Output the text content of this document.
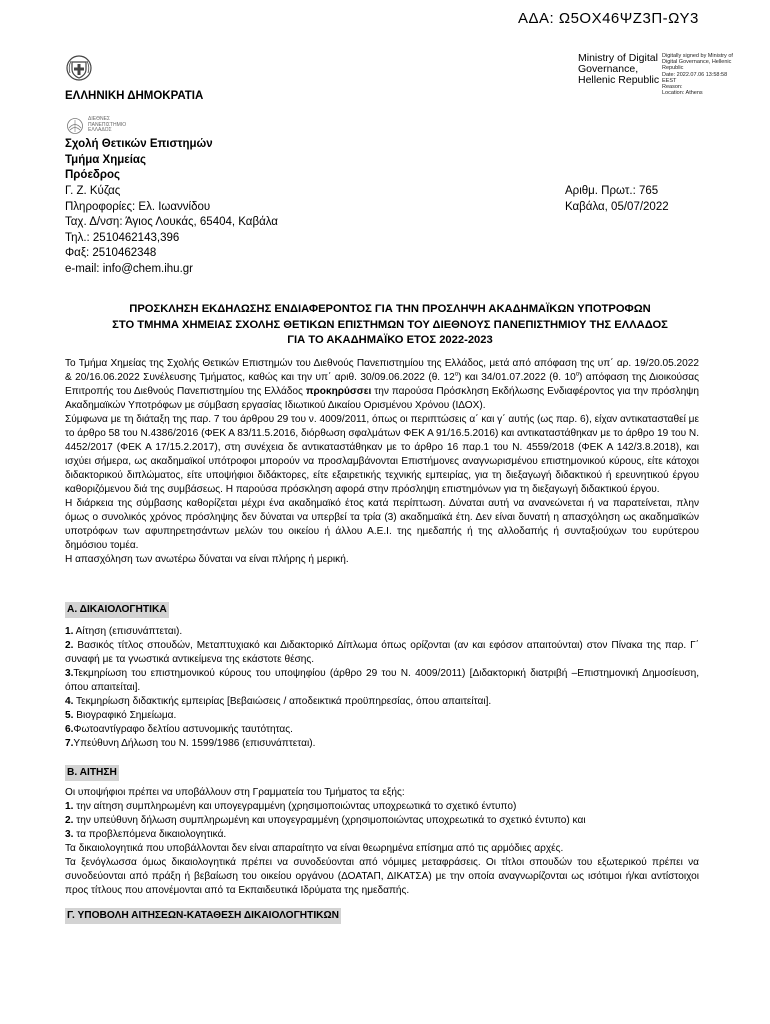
ΑΔΑ: Ω5ΟΧ46ΨΖ3Π-ΩΥ3
Ministry of Digital
Governance,
Hellenic Republic
Digitally signed by Ministry of
Digital Governance, Hellenic
Republic
Date: 2022.07.06 13:58:58
EEST
Reason:
Location: Athens
ΕΛΛΗΝΙΚΗ ΔΗΜΟΚΡΑΤΙΑ
ΔΙΕΘΝΕΣ
ΠΑΝΕΠΙΣΤΗΜΙΟ
ΕΛΛΑΔΟΣ
Σχολή Θετικών Επιστημών
Τμήμα Χημείας
Πρόεδρος
Γ. Ζ. Κύζας
Πληροφορίες: Ελ. Ιωαννίδου
Ταχ. Δ/νση: Άγιος Λουκάς, 65404, Καβάλα
Τηλ.: 2510462143,396
Φαξ: 2510462348
e-mail: info@chem.ihu.gr
Αριθμ. Πρωτ.: 765
Καβάλα, 05/07/2022
ΠΡΟΣΚΛΗΣΗ ΕΚΔΗΛΩΣΗΣ ΕΝΔΙΑΦΕΡΟΝΤΟΣ ΓΙΑ ΤΗΝ ΠΡΟΣΛΗΨΗ ΑΚΑΔΗΜΑΪΚΩΝ ΥΠΟΤΡΟΦΩΝ
ΣΤΟ ΤΜΗΜΑ ΧΗΜΕΙΑΣ ΣΧΟΛΗΣ ΘΕΤΙΚΩΝ ΕΠΙΣΤΗΜΩΝ ΤΟΥ ΔΙΕΘΝΟΥΣ ΠΑΝΕΠΙΣΤΗΜΙΟΥ ΤΗΣ ΕΛΛΑΔΟΣ
ΓΙΑ ΤΟ ΑΚΑΔΗΜΑΪΚΟ ΕΤΟΣ 2022-2023

Το Τμήμα Χημείας της Σχολής Θετικών Επιστημών του Διεθνούς Πανεπιστημίου της Ελλάδος, μετά από απόφαση της υπ΄ αρ. 19/20.05.2022 & 20/16.06.2022 Συνέλευσης Τμήματος, καθώς και την υπ΄ αριθ. 30/09.06.2022 (θ. $12^o$) και 34/01.07.2022 (θ. $10^o$) απόφαση της Διοικούσας Επιτροπής του Διεθνούς Πανεπιστημίου της Ελλάδος προκηρύσσει την παρούσα Πρόσκληση Εκδήλωσης Ενδιαφέροντος για την πρόσληψη Ακαδημαϊκών Υποτρόφων με σύμβαση εργασίας Ιδιωτικού Δικαίου Ορισμένου Χρόνου (ΙΔΟΧ).

Σύμφωνα με τη διάταξη της παρ. 7 του άρθρου 29 του ν. 4009/2011, όπως οι περιπτώσεις α΄ και γ΄ αυτής (ως παρ. 6), είχαν αντικατασταθεί με το άρθρο 58 του Ν.4386/2016 (ΦΕΚ Α 83/11.5.2016, διόρθωση σφαλμάτων ΦΕΚ Α 91/16.5.2016) και αντικαταστάθηκαν με το άρθρο 19 του Ν. 4452/2017 (ΦΕΚ Α 17/15.2.2017), στη συνέχεια δε αντικαταστάθηκαν με το άρθρο 16 παρ.1 του Ν. 4559/2018 (ΦΕΚ Α 142/3.8.2018), και ισχύει σήμερα, ως ακαδημαϊκοί υπότροφοι μπορούν να προσλαμβάνονται Επιστήμονες αναγνωρισμένου επιστημονικού κύρους, είτε κάτοχοι διδακτορικού διπλώματος, είτε υποψήφιοι διδάκτορες, είτε εξαιρετικής τεχνικής εμπειρίας, για τη διεξαγωγή διδακτικού ή ερευνητικού έργου καθοριζόμενου διά της συμβάσεως. Η παρούσα πρόσκληση αφορά στην πρόσληψη επιστημόνων για τη διεξαγωγή διδακτικού έργου.

Η διάρκεια της σύμβασης καθορίζεται μέχρι ένα ακαδημαϊκό έτος κατά περίπτωση. Δύναται αυτή να ανανεώνεται ή να παρατείνεται, πλην όμως ο συνολικός χρόνος πρόσληψης δεν δύναται να υπερβεί τα τρία (3) ακαδημαϊκά έτη. Δεν είναι δυνατή η απασχόληση ως ακαδημαϊκών υποτρόφων των αφυπηρετησάντων μελών του οικείου ή άλλου Α.Ε.Ι. της ημεδαπής ή της αλλοδαπής ή συνταξιούχων του ευρύτερου δημόσιου τομέα.

Η απασχόληση των ανωτέρω δύναται να είναι πλήρης ή μερική.

Α. ΔΙΚΑΙΟΛΟΓΗΤΙΚΑ

1. Αίτηση (επισυνάπτεται).

2. Βασικός τίτλος σπουδών, Μεταπτυχιακό και Διδακτορικό Δίπλωμα όπως ορίζονται (αν και εφόσον απαιτούνται) στον Πίνακα της παρ. Γ΄ συναφή με τα γνωστικά αντικείμενα της εκάστοτε θέσης.

3.Τεκμηρίωση του επιστημονικού κύρους του υποψηφίου (άρθρο 29 του Ν. 4009/2011) [Διδακτορική διατριβή –Επιστημονική Δημοσίευση, όπου απαιτείται].

4. Τεκμηρίωση διδακτικής εμπειρίας [Βεβαιώσεις / αποδεικτικά προϋπηρεσίας, όπου απαιτείται].

5. Βιογραφικό Σημείωμα.

6.Φωτοαντίγραφο δελτίου αστυνομικής ταυτότητας.

7.Υπεύθυνη Δήλωση του Ν. 1599/1986 (επισυνάπτεται).

Β. ΑΙΤΗΣΗ

Οι υποψήφιοι πρέπει να υποβάλλουν στη Γραμματεία του Τμήματος τα εξής:

1. την αίτηση συμπληρωμένη και υπογεγραμμένη (χρησιμοποιώντας υποχρεωτικά το σχετικό έντυπο)

2. την υπεύθυνη δήλωση συμπληρωμένη και υπογεγραμμένη (χρησιμοποιώντας υποχρεωτικά το σχετικό έντυπο) και

3. τα προβλεπόμενα δικαιολογητικά.

Τα δικαιολογητικά που υποβάλλονται δεν είναι απαραίτητο να είναι θεωρημένα επίσημα από τις αρμόδιες αρχές.

Τα ξενόγλωσσα όμως δικαιολογητικά πρέπει να συνοδεύονται από νόμιμες μεταφράσεις. Οι τίτλοι σπουδών του εξωτερικού πρέπει να συνοδεύονται από πράξη ή βεβαίωση του οικείου οργάνου (ΔΟΑΤΑΠ, ΔΙΚΑΤΣΑ) με την οποία αναγνωρίζονται ως ισότιμοι ή/και αντίστοιχοι προς τίτλους που απονέμονται από τα Εκπαιδευτικά Ιδρύματα της ημεδαπής.

Γ. ΥΠΟΒΟΛΗ ΑΙΤΗΣΕΩΝ-ΚΑΤΑΘΕΣΗ ΔΙΚΑΙΟΛΟΓΗΤΙΚΩΝ
